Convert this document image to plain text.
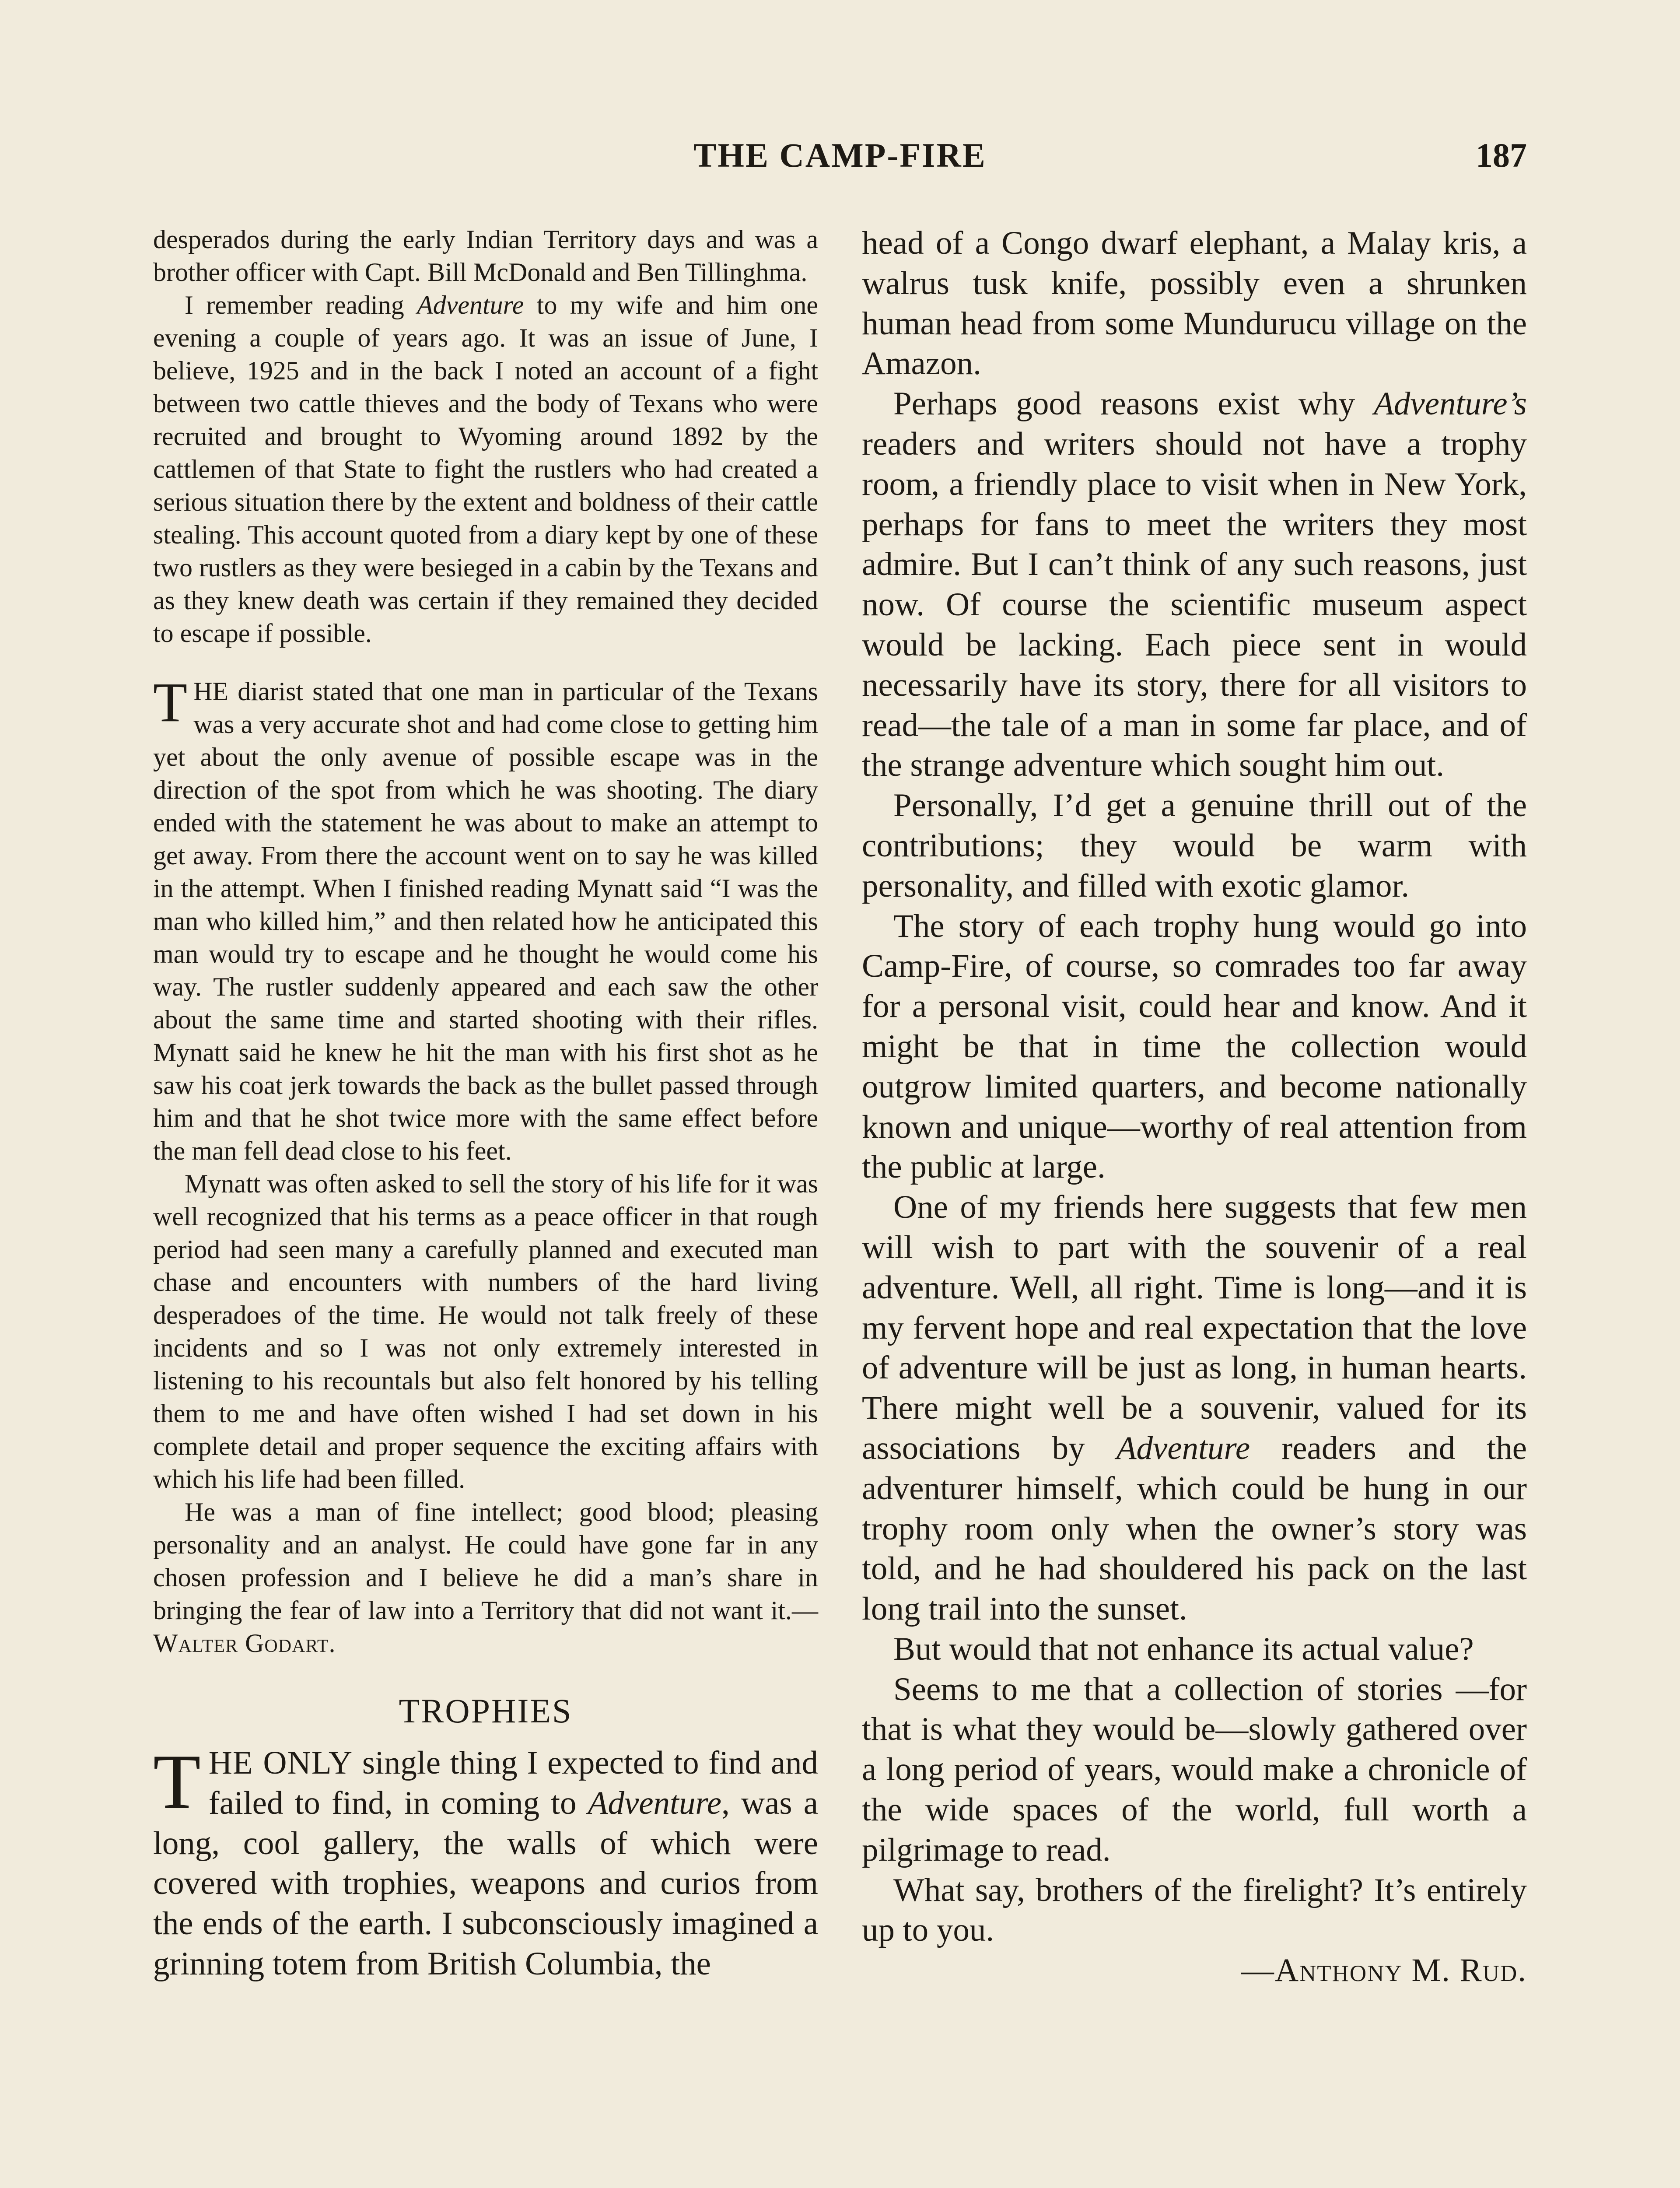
THE CAMP-FIRE	187

desperados during the early Indian Territory days and was a brother officer with Capt. Bill McDonald and Ben Tillinghma.

I remember reading Adventure to my wife and him one evening a couple of years ago. It was an issue of June, I believe, 1925 and in the back I noted an account of a fight between two cattle thieves and the body of Texans who were recruited and brought to Wyoming around 1892 by the cattlemen of that State to fight the rustlers who had created a serious situation there by the extent and boldness of their cattle stealing. This account quoted from a diary kept by one of these two rustlers as they were besieged in a cabin by the Texans and as they knew death was certain if they remained they decided to escape if possible.

THE diarist stated that one man in particular of the Texans was a very accurate shot and had come close to getting him yet about the only avenue of possible escape was in the direction of the spot from which he was shooting. The diary ended with the statement he was about to make an attempt to get away. From there the account went on to say he was killed in the attempt. When I finished reading Mynatt said “I was the man who killed him,” and then related how he anticipated this man would try to escape and he thought he would come his way. The rustler suddenly appeared and each saw the other about the same time and started shooting with their rifles. Mynatt said he knew he hit the man with his first shot as he saw his coat jerk towards the back as the bullet passed through him and that he shot twice more with the same effect before the man fell dead close to his feet.

Mynatt was often asked to sell the story of his life for it was well recognized that his terms as a peace officer in that rough period had seen many a carefully planned and executed man chase and encounters with numbers of the hard living desperadoes of the time. He would not talk freely of these incidents and so I was not only extremely interested in listening to his recountals but also felt honored by his telling them to me and have often wished I had set down in his complete detail and proper sequence the exciting affairs with which his life had been filled.

He was a man of fine intellect; good blood; pleasing personality and an analyst. He could have gone far in any chosen profession and I believe he did a man’s share in bringing the fear of law into a Territory that did not want it.—Walter Godart.

TROPHIES

THE ONLY single thing I expected to find and failed to find, in coming to Adventure, was a long, cool gallery, the walls of which were covered with trophies, weapons and curios from the ends of the earth. I subconsciously imagined a grinning totem from British Columbia, the

head of a Congo dwarf elephant, a Malay kris, a walrus tusk knife, possibly even a shrunken human head from some Mundurucu village on the Amazon.

Perhaps good reasons exist why Adventure’s readers and writers should not have a trophy room, a friendly place to visit when in New York, perhaps for fans to meet the writers they most admire. But I can’t think of any such reasons, just now. Of course the scientific museum aspect would be lacking. Each piece sent in would necessarily have its story, there for all visitors to read—the tale of a man in some far place, and of the strange adventure which sought him out.

Personally, I’d get a genuine thrill out of the contributions; they would be warm with personality, and filled with exotic glamor.

The story of each trophy hung would go into Camp-Fire, of course, so comrades too far away for a personal visit, could hear and know. And it might be that in time the collection would outgrow limited quarters, and become nationally known and unique—worthy of real attention from the public at large.

One of my friends here suggests that few men will wish to part with the souvenir of a real adventure. Well, all right. Time is long—and it is my fervent hope and real expectation that the love of adventure will be just as long, in human hearts. There might well be a souvenir, valued for its associations by Adventure readers and the adventurer himself, which could be hung in our trophy room only when the owner’s story was told, and he had shouldered his pack on the last long trail into the sunset.

But would that not enhance its actual value?

Seems to me that a collection of stories —for that is what they would be—slowly gathered over a long period of years, would make a chronicle of the wide spaces of the world, full worth a pilgrimage to read.

What say, brothers of the firelight? It’s entirely up to you.

—Anthony M. Rud.
